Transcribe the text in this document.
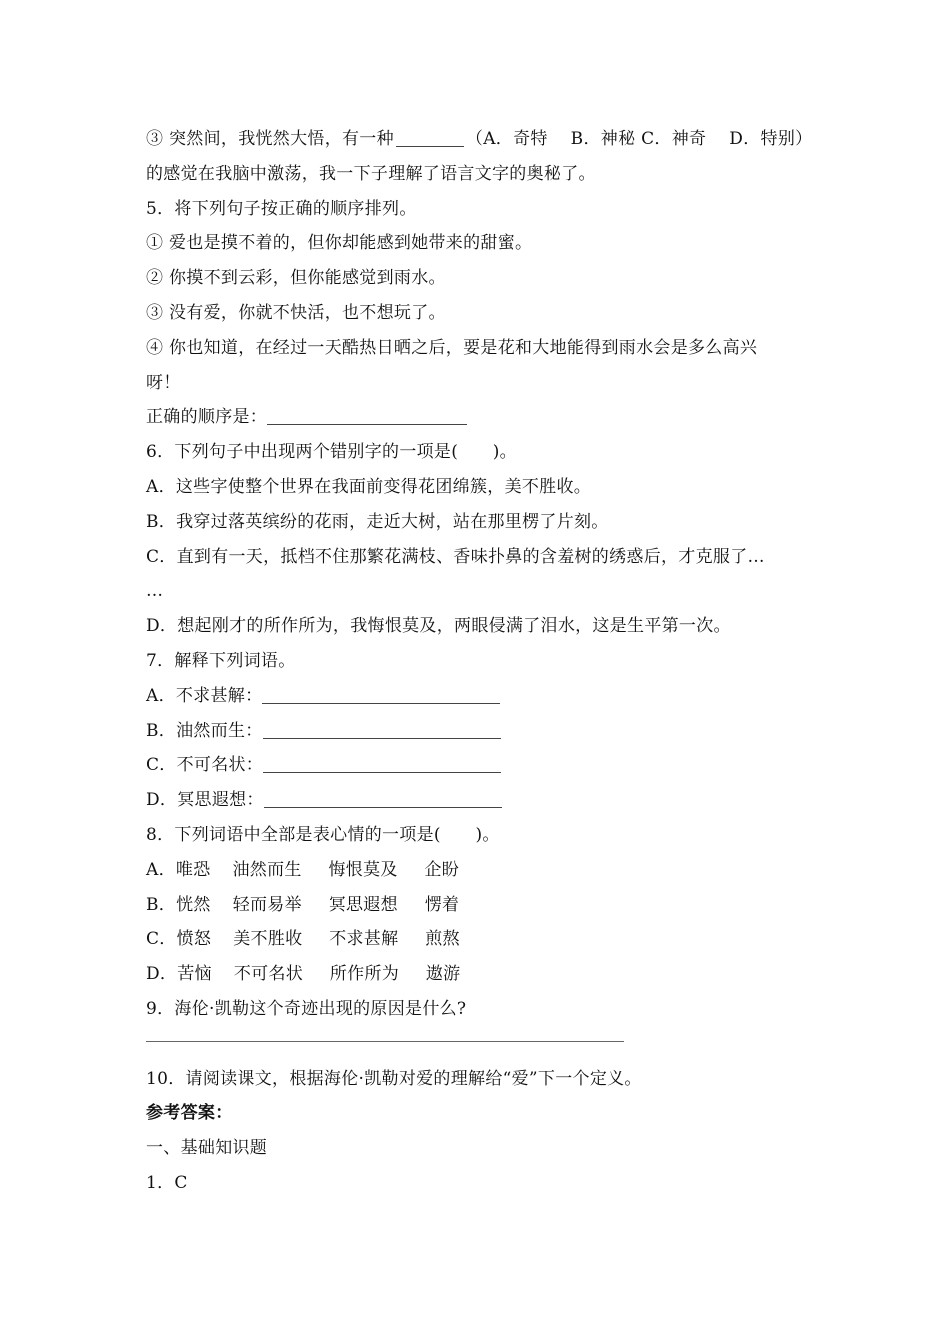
③ 突然间，我恍然大悟，有一种	（A．奇特　 B．神秘 C．神奇　 D．特别）
的感觉在我脑中激荡，我一下子理解了语言文字的奥秘了。
5．将下列句子按正确的顺序排列。
① 爱也是摸不着的，但你却能感到她带来的甜蜜。
② 你摸不到云彩，但你能感觉到雨水。
③ 没有爱，你就不快活，也不想玩了。
④ 你也知道，在经过一天酷热日晒之后，要是花和大地能得到雨水会是多么高兴
呀！
正确的顺序是：
6．下列句子中出现两个错别字的一项是(　　)。
A．这些字使整个世界在我面前变得花团绵簇，美不胜收。
B．我穿过落英缤纷的花雨，走近大树，站在那里楞了片刻。
C．直到有一天，抵档不住那繁花满枝、香味扑鼻的含羞树的绣惑后，才克服了…
…
D．想起刚才的所作所为，我悔恨莫及，两眼侵满了泪水，这是生平第一次。
7．解释下列词语。
A．不求甚解：
B．油然而生：
C．不可名状：
D．冥思遐想：
8．下列词语中全部是表心情的一项是(　　)。
A．唯恐 油然而生 悔恨莫及 企盼
B．恍然 轻而易举 冥思遐想 愣着
C．愤怒 美不胜收 不求甚解 煎熬
D．苦恼 不可名状 所作所为 遨游
9．海伦·凯勒这个奇迹出现的原因是什么?
10．请阅读课文，根据海伦·凯勒对爱的理解给“爱”下一个定义。
参考答案：
一、基础知识题
1．C
